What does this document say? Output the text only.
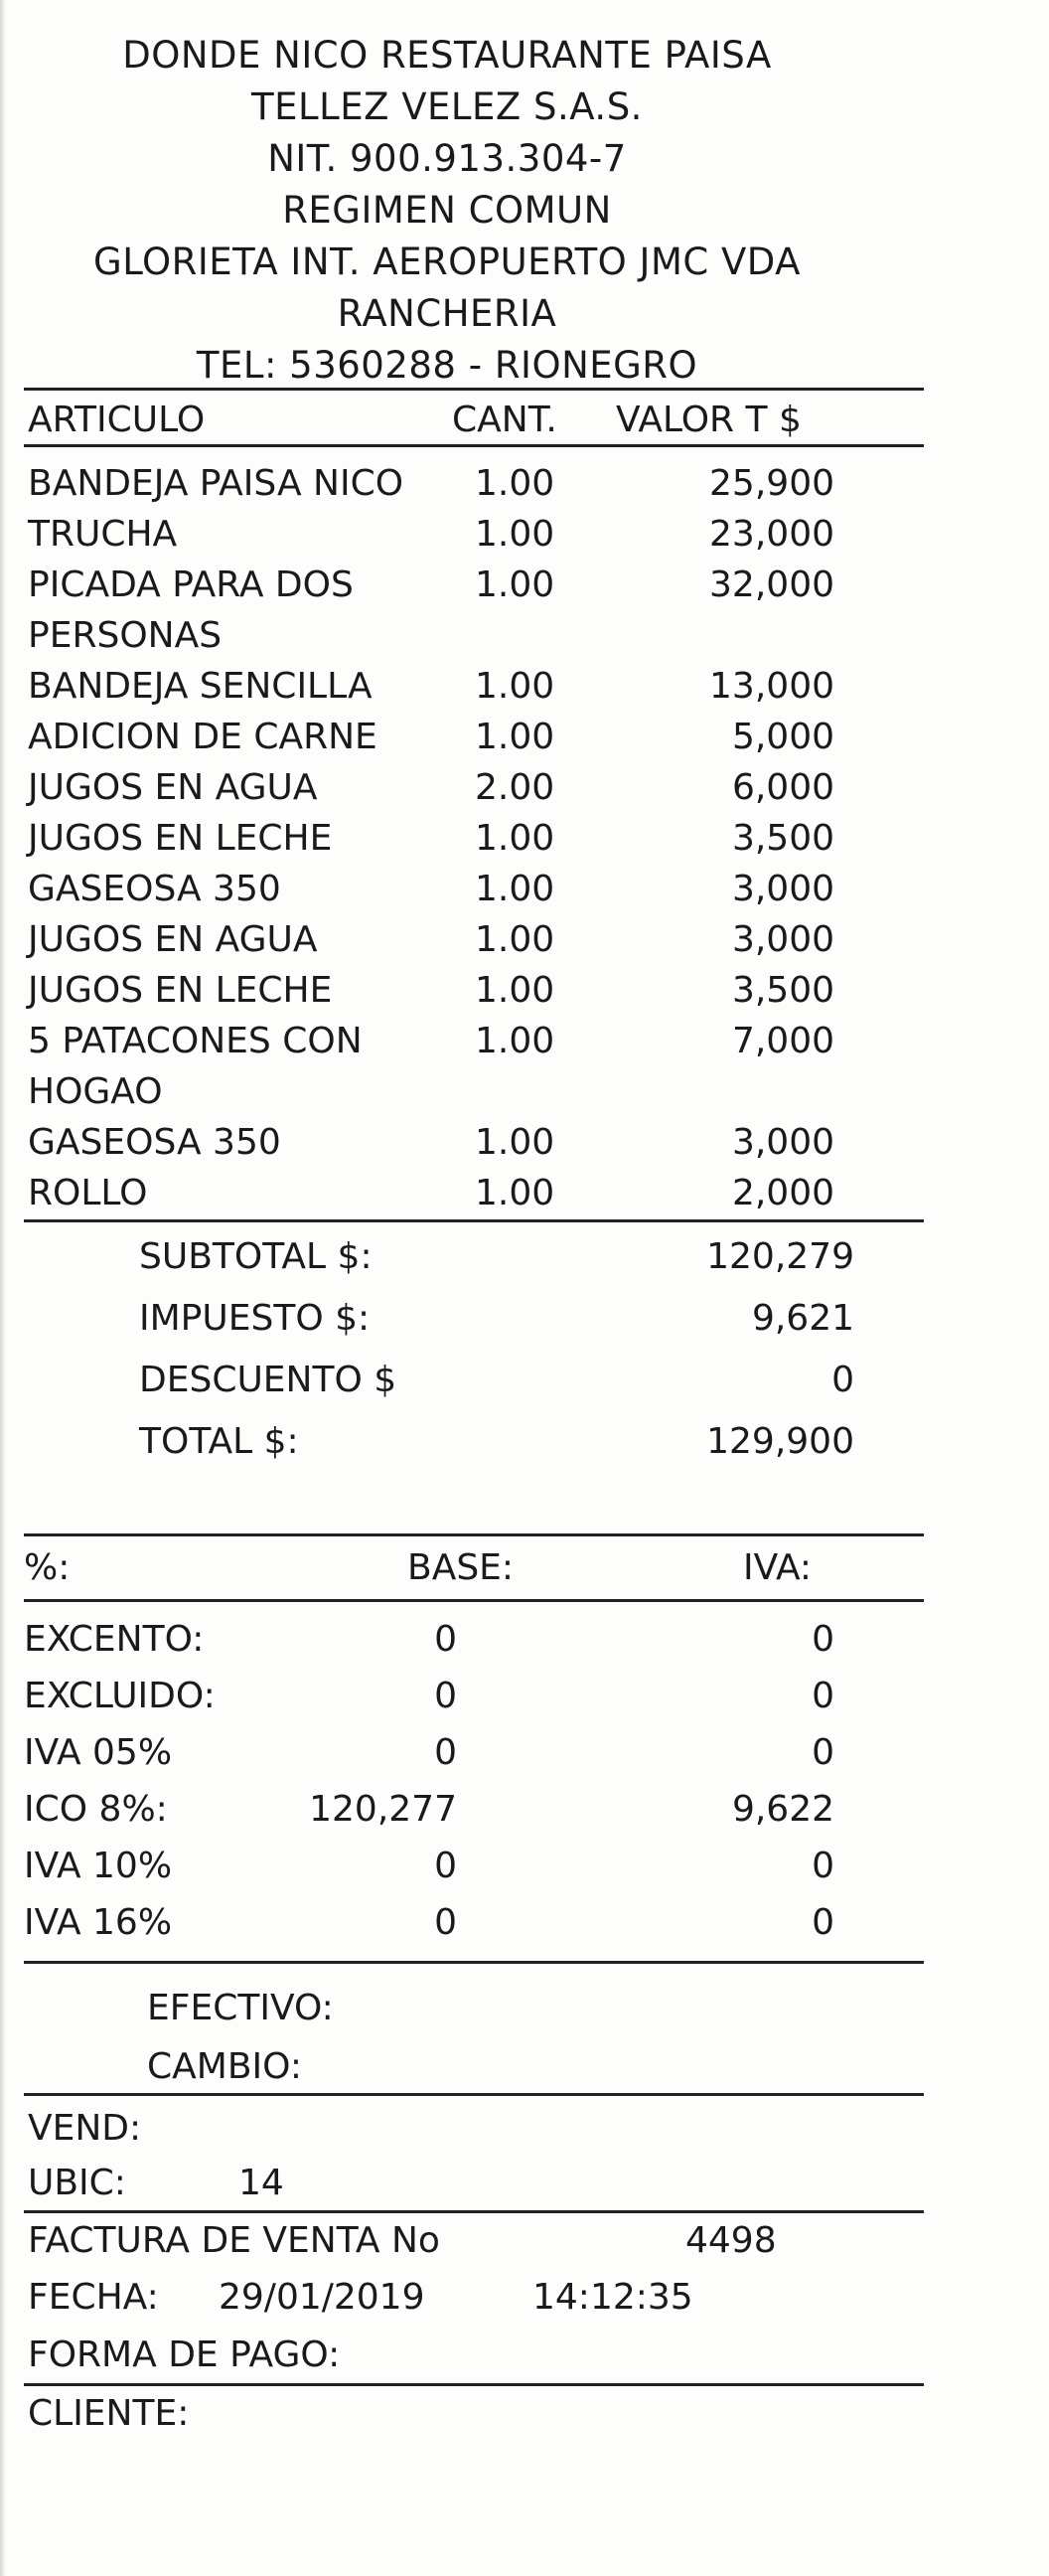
DONDE NICO RESTAURANTE PAISA
TELLEZ VELEZ S.A.S.
NIT. 900.913.304-7
REGIMEN COMUN
GLORIETA INT. AEROPUERTO JMC VDA
RANCHERIA
TEL: 5360288 - RIONEGRO
ARTICULO	CANT. VALOR T $
BANDEJA PAISA NICO 1.00	25,900
TRUCHA	1.00	23,000
PICADA PARA DOS	1.00	32,000
PERSONAS
BANDEJA SENCILLA	1.00	13,000
ADICION DE CARNE	1.00	5,000
JUGOS EN AGUA	2.00	6,000
JUGOS EN LECHE	1.00	3,500
GASEOSA 350	1.00	3,000
JUGOS EN AGUA	1.00	3,000
JUGOS EN LECHE	1.00	3,500
5 PATACONES CON	1.00	7,000
HOGAO
GASEOSA 350	1.00	3,000
ROLLO	1.00	2,000
SUBTOTAL $:	120,279
IMPUESTO $:	9,621
DESCUENTO $	0
TOTAL $:	129,900
%:	BASE:	IVA:
EXCENTO:	0	0
EXCLUIDO:	0	0
IVA 05%	0	0
ICO 8%:	120,277	9,622
IVA 10%	0	0
IVA 16%	0	0
EFECTIVO:
CAMBIO:
VEND:
UBIC:	14
FACTURA DE VENTA No	4498
FECHA: 29/01/2019	14:12:35
FORMA DE PAGO:
CLIENTE:
